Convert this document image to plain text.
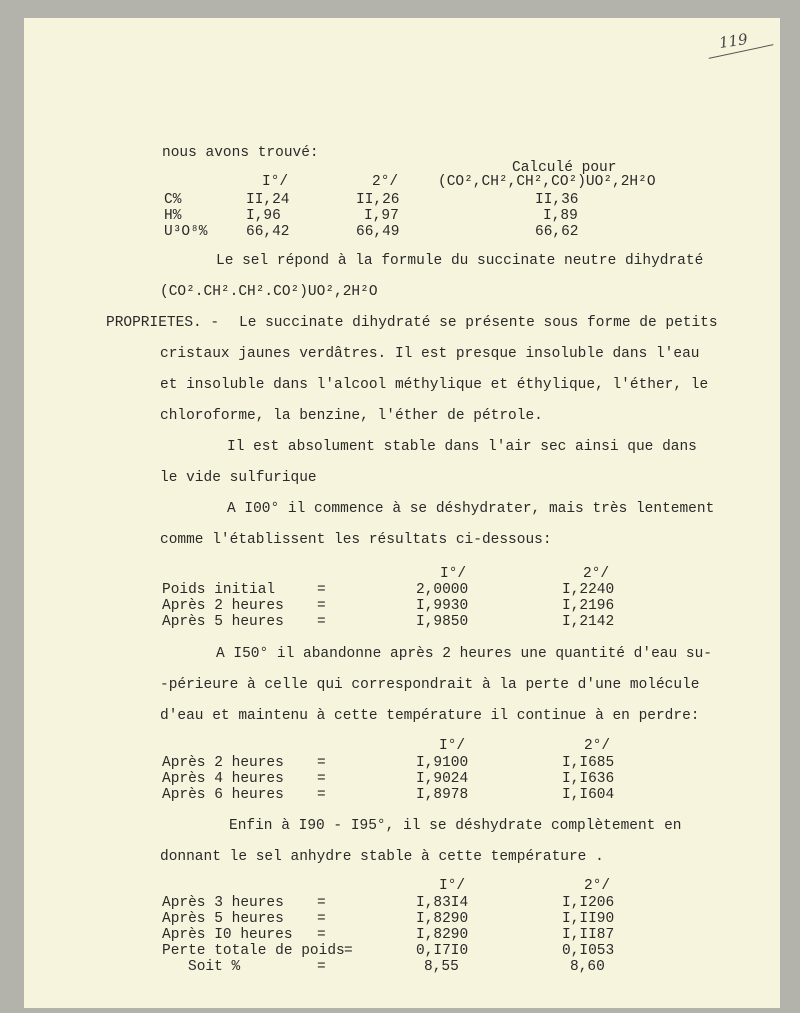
119
nous avons trouvé:
Calculé pour
I°/	2°/	(CO²,CH²,CH²,CO²)UO²,2H²O
C%	II,24	II,26	II,36
H%	I,96	I,97	I,89
U³O⁸%	66,42	66,49	66,62
Le sel répond à la formule du succinate neutre dihydraté
(CO².CH².CH².CO²)UO²,2H²O
PROPRIETES. - Le succinate dihydraté se présente sous forme de petits
cristaux jaunes verdâtres. Il est presque insoluble dans l'eau
et insoluble dans l'alcool méthylique et éthylique, l'éther, le
chloroforme, la benzine, l'éther de pétrole.
Il est absolument stable dans l'air sec ainsi que dans
le vide sulfurique
A I00° il commence à se déshydrater, mais très lentement
comme l'établissent les résultats ci-dessous:
I°/	2°/
Poids initial	=	2,0000	I,2240
Après 2 heures =	I,9930	I,2196
Après 5 heures =	I,9850	I,2142
A I50° il abandonne après 2 heures une quantité d'eau su-
-périeure à celle qui correspondrait à la perte d'une molécule
d'eau et maintenu à cette température il continue à en perdre:
I°/	2°/
Après 2 heures =	I,9100	I,I685
Après 4 heures =	I,9024	I,I636
Après 6 heures =	I,8978	I,I604
Enfin à I90 - I95°, il se déshydrate complètement en
donnant le sel anhydre stable à cette température .
I°/	2°/
Après 3 heures =	I,83I4	I,I206
Après 5 heures =	I,8290	I,II90
Après I0 heures =	I,8290	I,II87
Perte totale de poids =	0,I7I0	0,I053
Soit %	=	8,55	8,60
